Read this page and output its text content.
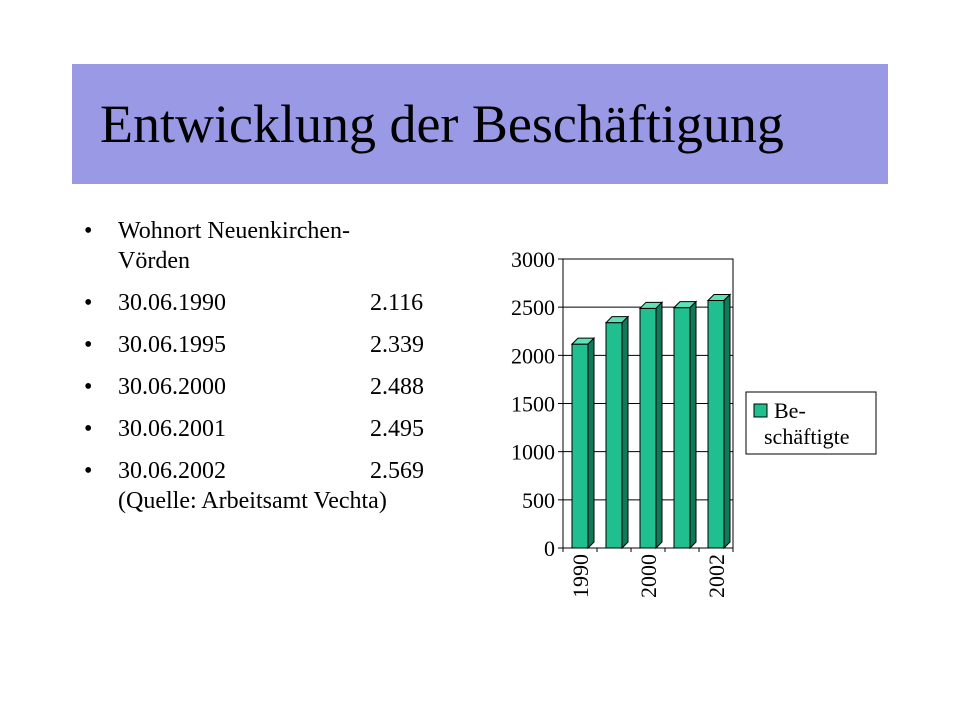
Entwicklung der Beschäftigung
• Wohnort Neuenkirchen-
Vörden
• 30.06.1990	2.116
• 30.06.1995	2.339
• 30.06.2000	2.488
• 30.06.2001	2.495
• 30.06.2002	2.569
(Quelle: Arbeitsamt Vechta)
0
500
1000
1500
2000
2500
3000
1990 2000 2002
Be-
schäftigte
